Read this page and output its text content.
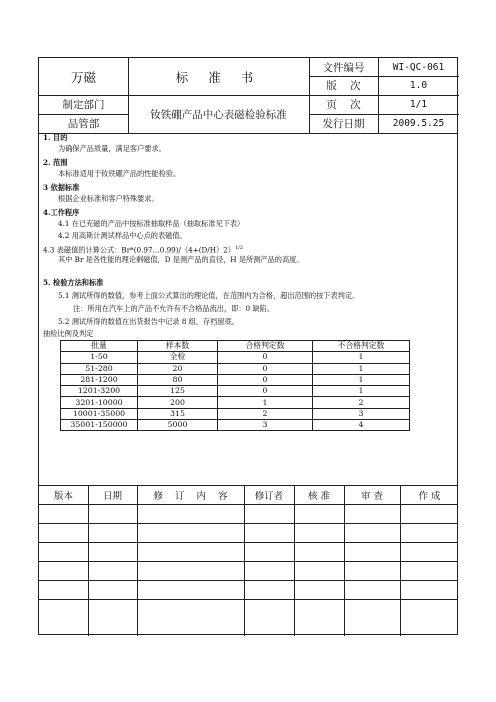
万磁	标 准 书
制定部门
品管部
钕铁硼产品中心表磁检验标准
文件编号	WI-QC-061
版    次	1.0
页    次	1/1
发行日期	2009.5.25
1. 目的
为确保产品质量，满足客户要求。
2. 范围
本标准适用于钕铁硼产品的性能检验。
3 依据标准
根据企业标准和客户特殊要求。
4.工作程序
4.1 在已充磁的产品中按标准抽取样品（抽取标准见下表）
4.2 用高斯计测试样品中心点的表磁值。
4.3 表磁值的计算公式：Br*(0.97…0.99)/（4+(D/H）2）$^{1/2}$
其中 Br 是各性能的理论剩磁值，D 是测产品的直径，H 是所测产品的高度。
5. 检验方法和标准
5.1 测试所得的数值，参考上面公式算出的理论值，在范围内为合格，超出范围的按下表判定。
注：所用在汽车上的产品不允许有不合格品流出，即：0 缺陷。
5.2 测试所得的数值在出货报告中记录 8 组，存档留底。
抽检比例及判定
批量	样本数	合格判定数	不合格判定数
1-50	全检	0	1
51-280	20	0	1
281-1200	80	0	1
1201-3200	125	0	1
3201-10000	200	1	2
10001-35000	315	2	3
35001-150000	5000	3	4
版本	日期	修    订    内    容	修订者	核 准	审 查	作 成
